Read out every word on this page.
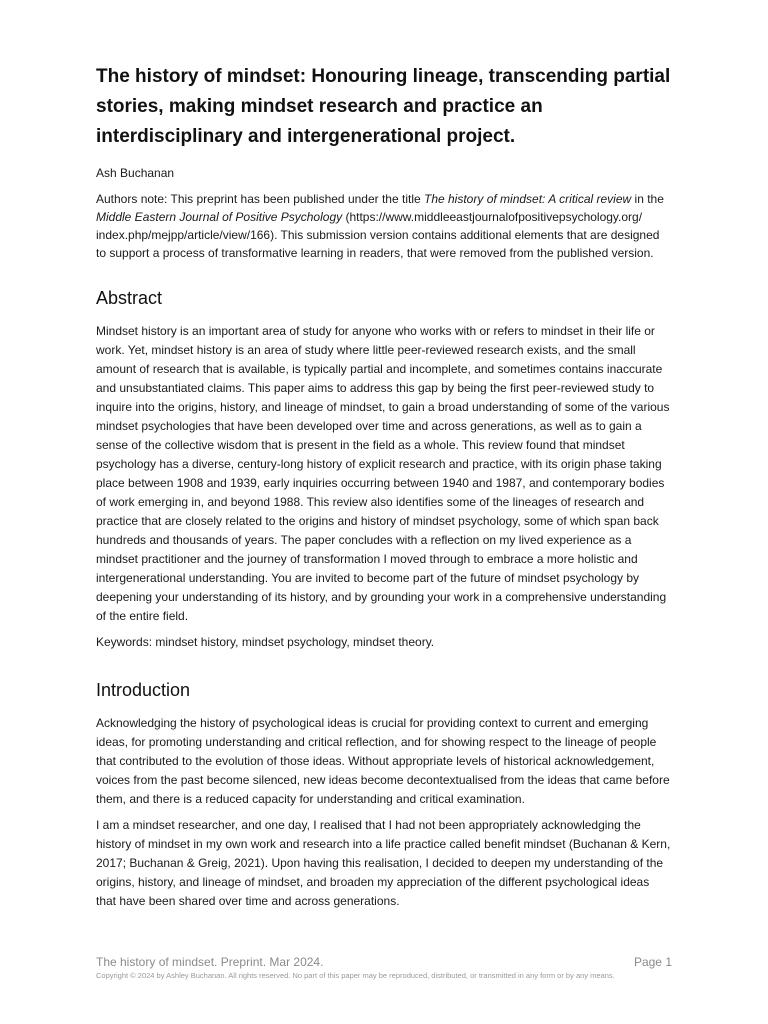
The history of mindset: Honouring lineage, transcending partial stories, making mindset research and practice an interdisciplinary and intergenerational project.
Ash Buchanan

Authors note: This preprint has been published under the title The history of mindset: A critical review in the Middle Eastern Journal of Positive Psychology (https://www.middleeastjournalofpositivepsychology.org/ index.php/mejpp/article/view/166). This submission version contains additional elements that are designed to support a process of transformative learning in readers, that were removed from the published version.

Abstract

Mindset history is an important area of study for anyone who works with or refers to mindset in their life or work. Yet, mindset history is an area of study where little peer-reviewed research exists, and the small amount of research that is available, is typically partial and incomplete, and sometimes contains inaccurate and unsubstantiated claims. This paper aims to address this gap by being the first peer-reviewed study to inquire into the origins, history, and lineage of mindset, to gain a broad understanding of some of the various mindset psychologies that have been developed over time and across generations, as well as to gain a sense of the collective wisdom that is present in the field as a whole. This review found that mindset psychology has a diverse, century-long history of explicit research and practice, with its origin phase taking place between 1908 and 1939, early inquiries occurring between 1940 and 1987, and contemporary bodies of work emerging in, and beyond 1988. This review also identifies some of the lineages of research and practice that are closely related to the origins and history of mindset psychology, some of which span back hundreds and thousands of years. The paper concludes with a reflection on my lived experience as a mindset practitioner and the journey of transformation I moved through to embrace a more holistic and intergenerational understanding. You are invited to become part of the future of mindset psychology by deepening your understanding of its history, and by grounding your work in a comprehensive understanding of the entire field.

Keywords: mindset history, mindset psychology, mindset theory.

Introduction

Acknowledging the history of psychological ideas is crucial for providing context to current and emerging ideas, for promoting understanding and critical reflection, and for showing respect to the lineage of people that contributed to the evolution of those ideas. Without appropriate levels of historical acknowledgement, voices from the past become silenced, new ideas become decontextualised from the ideas that came before them, and there is a reduced capacity for understanding and critical examination.

I am a mindset researcher, and one day, I realised that I had not been appropriately acknowledging the history of mindset in my own work and research into a life practice called benefit mindset (Buchanan & Kern, 2017; Buchanan & Greig, 2021). Upon having this realisation, I decided to deepen my understanding of the origins, history, and lineage of mindset, and broaden my appreciation of the different psychological ideas that have been shared over time and across generations.

The history of mindset. Preprint. Mar 2024.	Page 1
Copyright © 2024 by Ashley Buchanan. All rights reserved. No part of this paper may be reproduced, distributed, or transmitted in any form or by any means.
